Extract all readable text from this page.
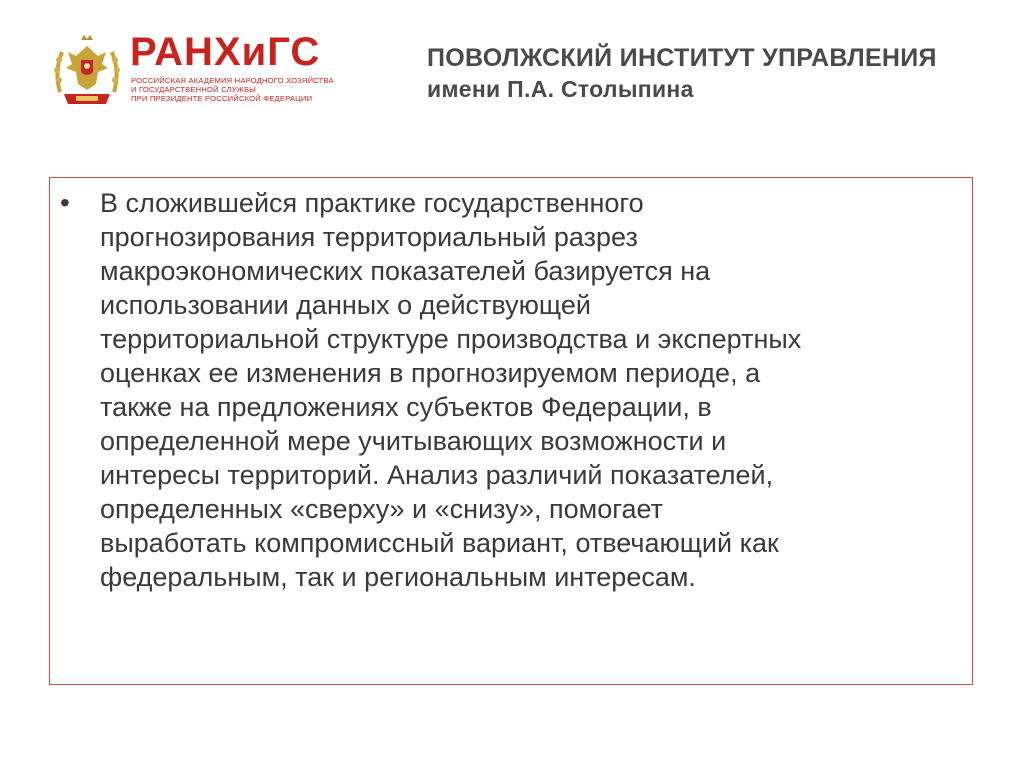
РАНХиГС
РОССИЙСКАЯ АКАДЕМИЯ НАРОДНОГО ХОЗЯЙСТВА
И ГОСУДАРСТВЕННОЙ СЛУЖБЫ
ПРИ ПРЕЗИДЕНТЕ РОССИЙСКОЙ ФЕДЕРАЦИИ
ПОВОЛЖСКИЙ ИНСТИТУТ УПРАВЛЕНИЯ
имени П.А. Столыпина
•	В сложившейся практике государственного
прогнозирования территориальный разрез
макроэкономических показателей базируется на
использовании данных о действующей
территориальной структуре производства и экспертных
оценках ее изменения в прогнозируемом периоде, а
также на предложениях субъектов Федерации, в
определенной мере учитывающих возможности и
интересы территорий. Анализ различий показателей,
определенных «сверху» и «снизу», помогает
выработать компромиссный вариант, отвечающий как
федеральным, так и региональным интересам.
